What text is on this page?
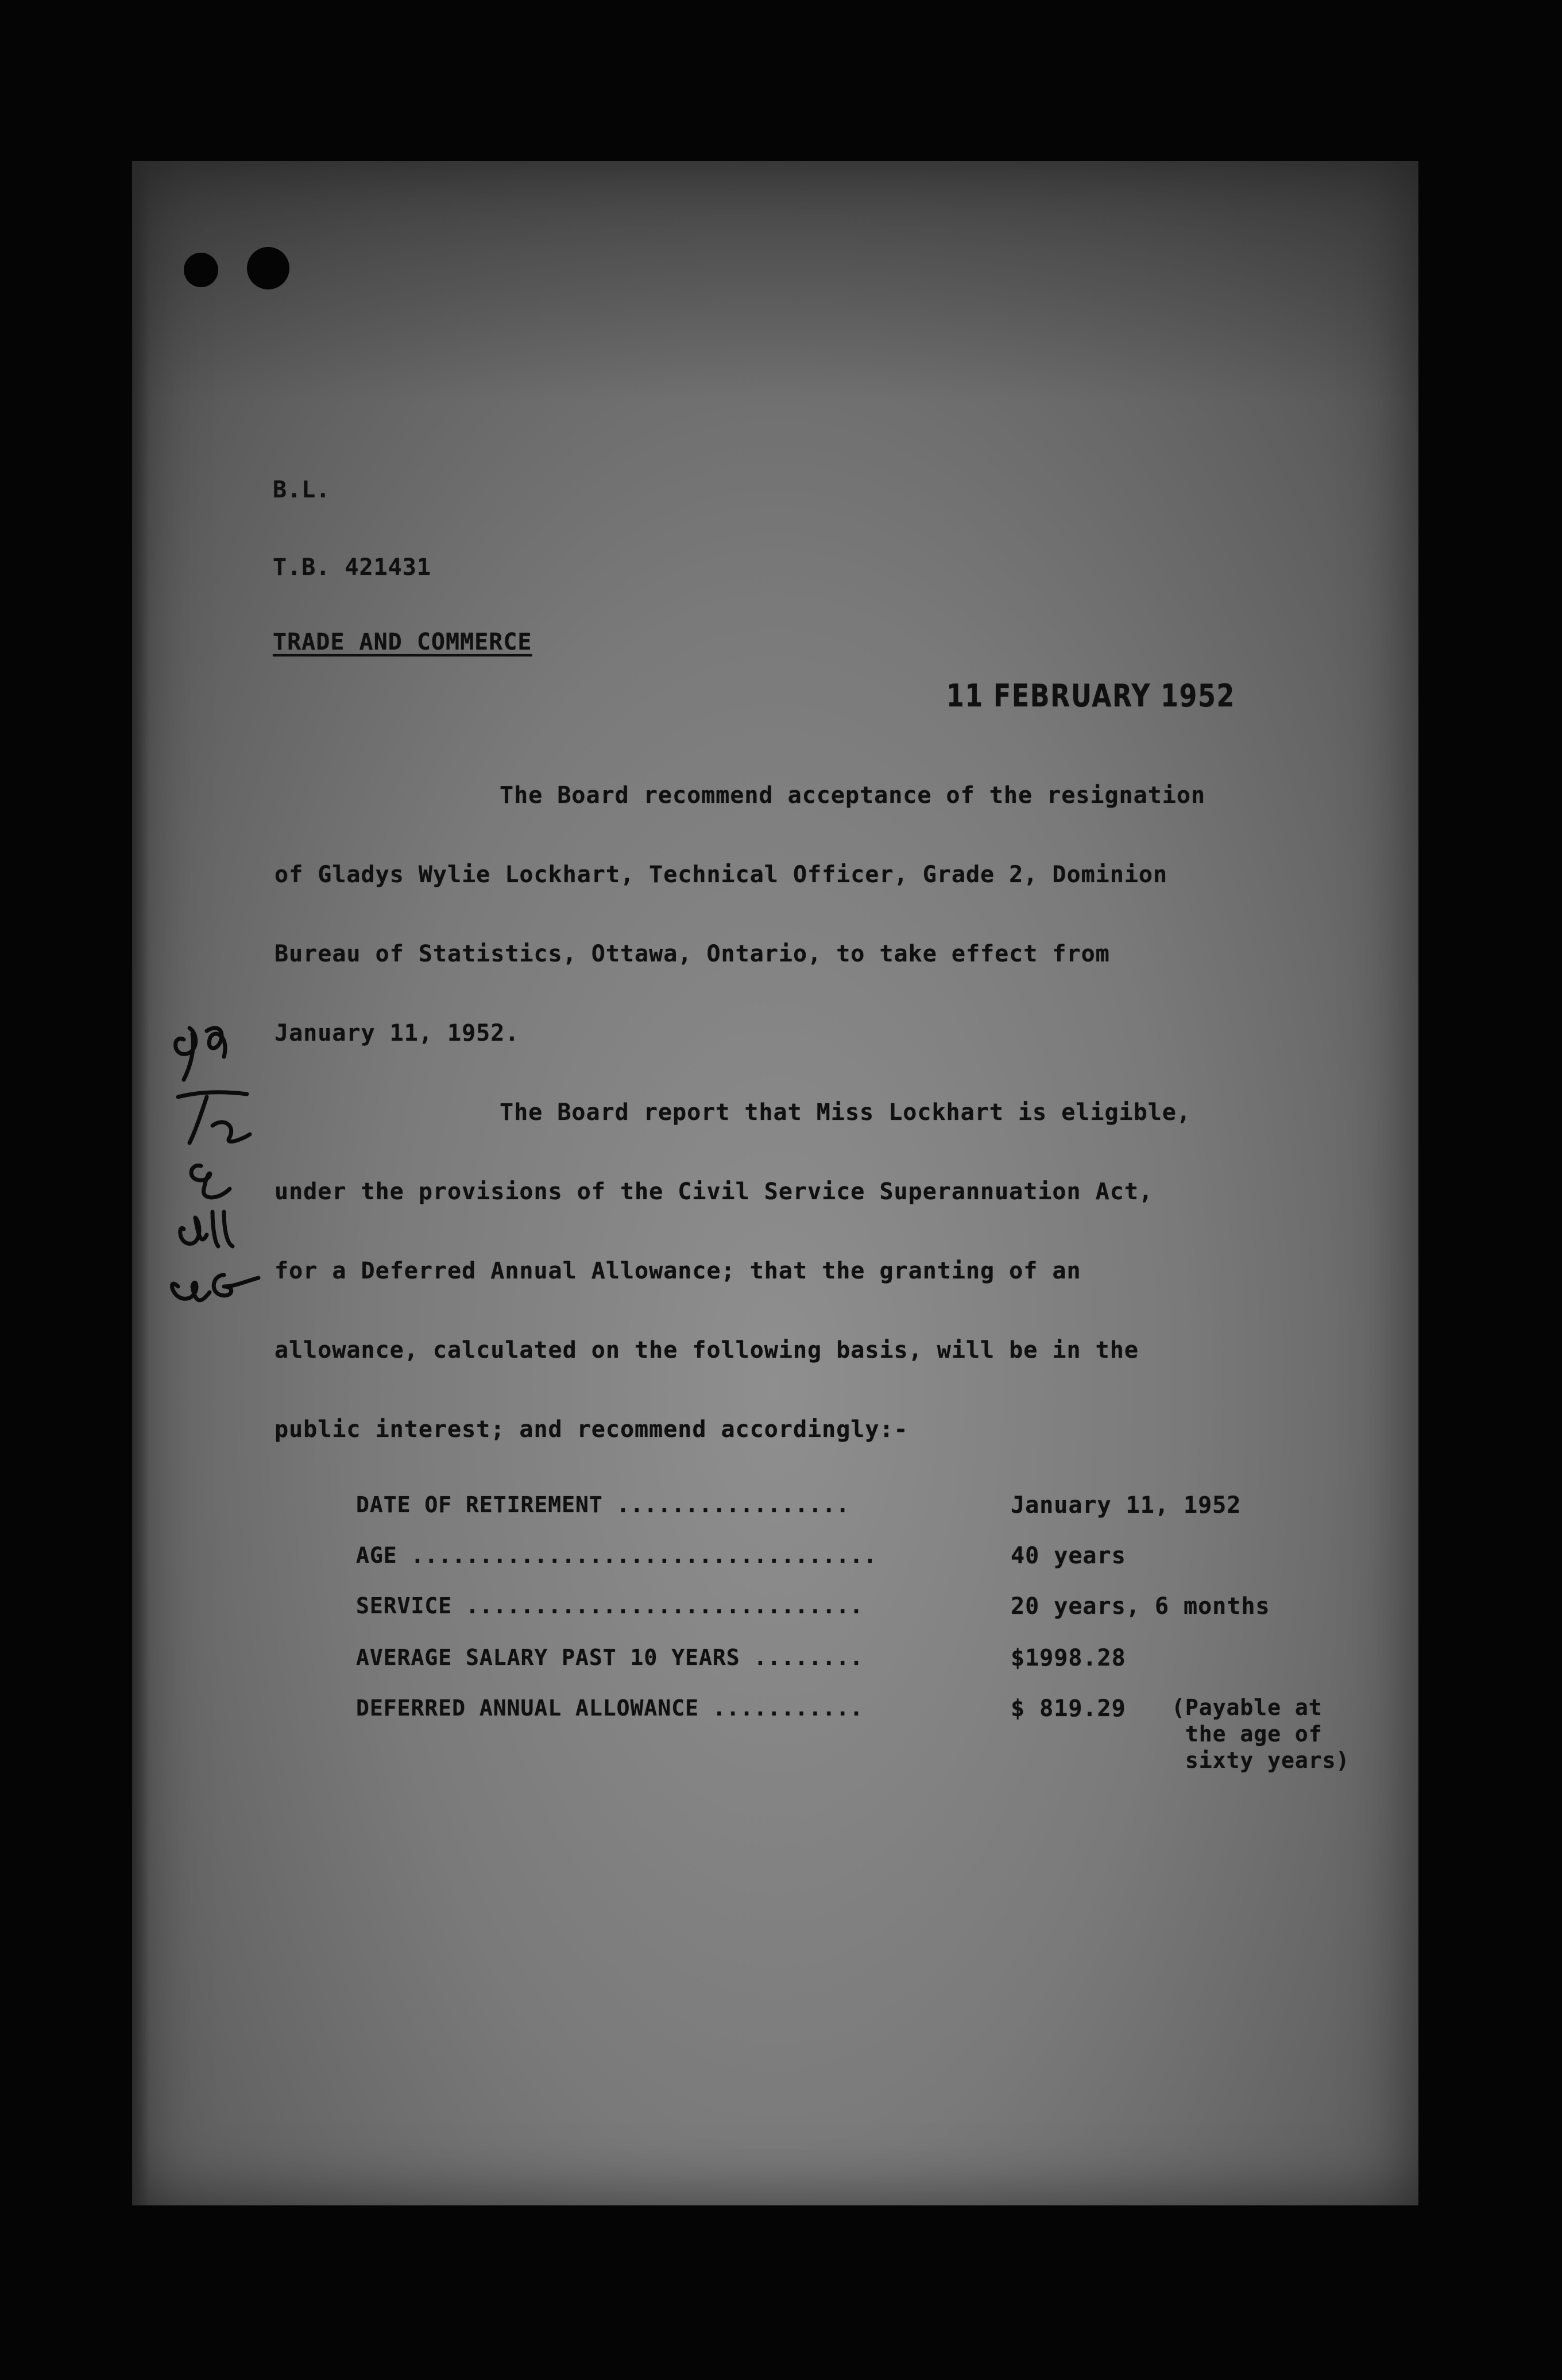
B.L.
T.B. 421431
TRADE AND COMMERCE
11 FEBRUARY 1952
The Board recommend acceptance of the resignation
of Gladys Wylie Lockhart, Technical Officer, Grade 2, Dominion
Bureau of Statistics, Ottawa, Ontario, to take effect from
January 11, 1952.
The Board report that Miss Lockhart is eligible,
under the provisions of the Civil Service Superannuation Act,
for a Deferred Annual Allowance; that the granting of an
allowance, calculated on the following basis, will be in the
public interest; and recommend accordingly:-
DATE OF RETIREMENT .................	January 11, 1952
AGE ..................................	40 years
SERVICE .............................	20 years, 6 months
AVERAGE SALARY PAST 10 YEARS ........	$1998.28
DEFERRED ANNUAL ALLOWANCE ...........	$ 819.29 (Payable at
the age of
sixty years)
